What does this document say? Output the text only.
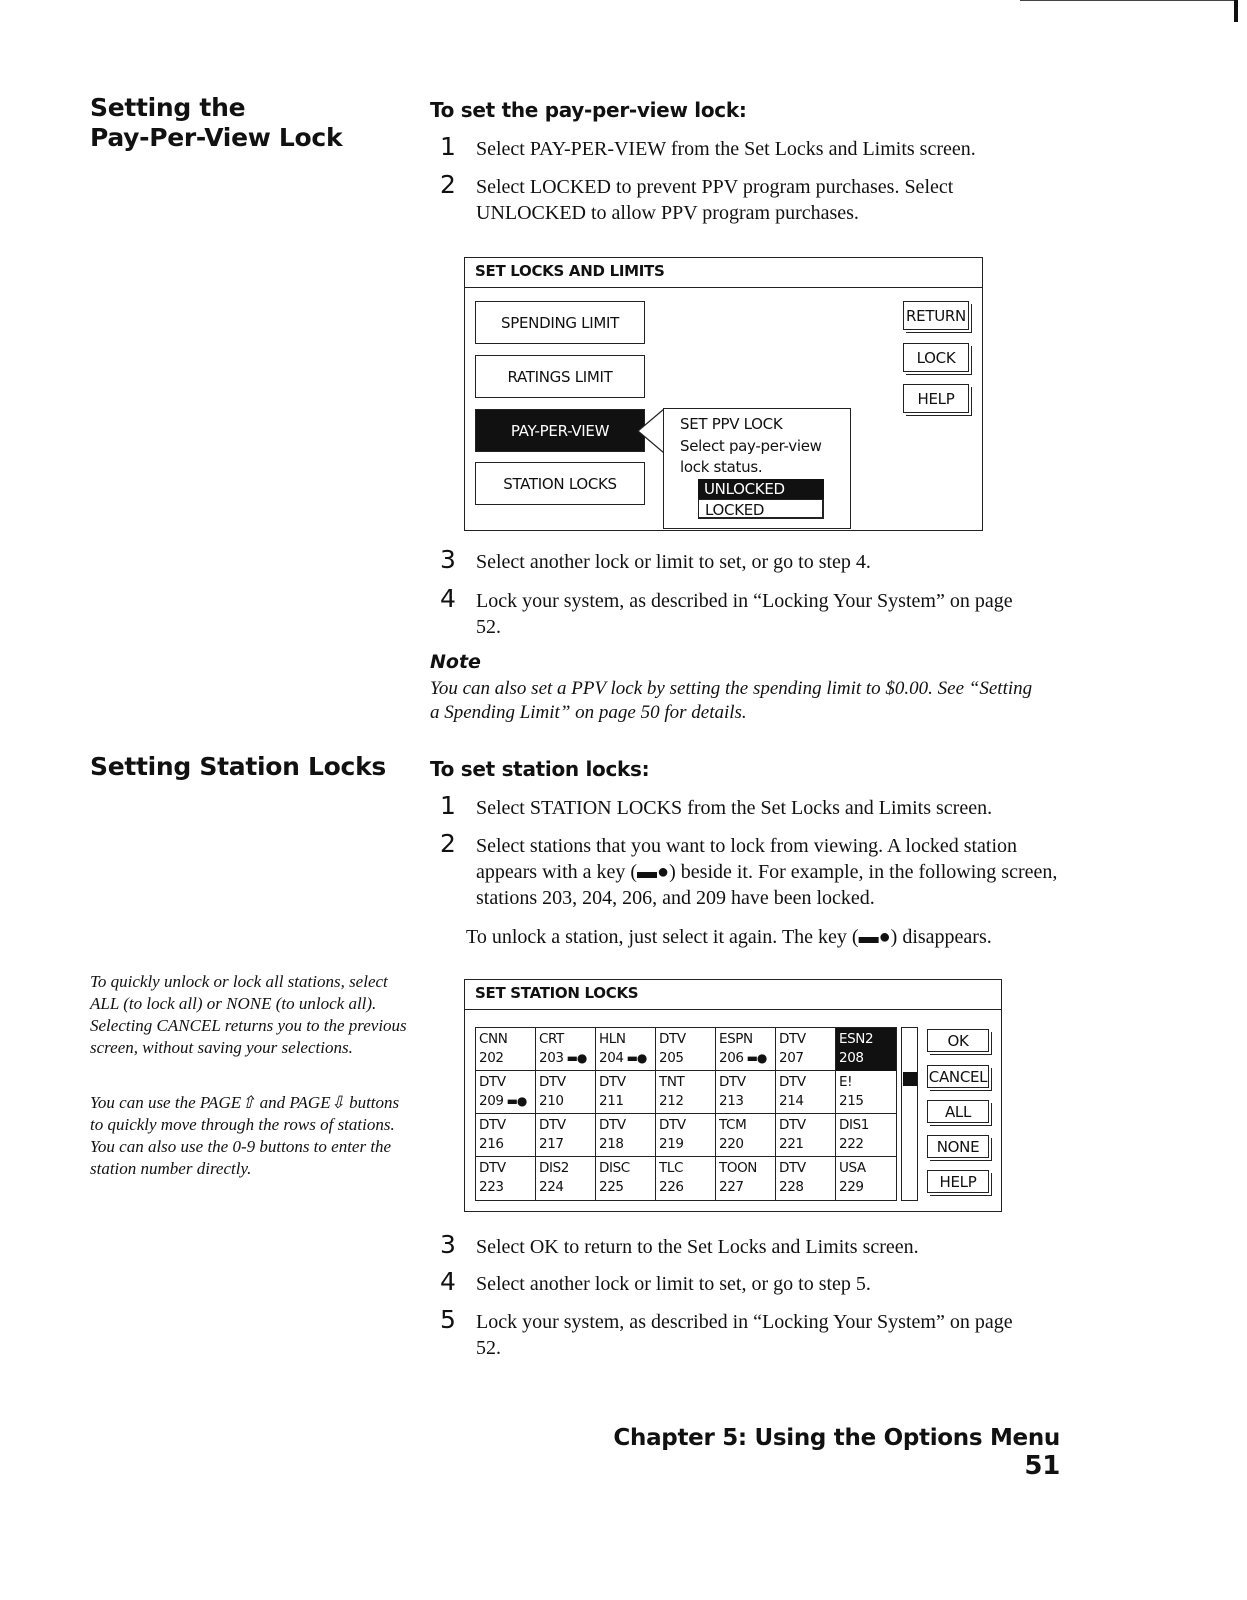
Setting the
Pay-Per-View Lock
To set the pay-per-view lock:
1 Select PAY-PER-VIEW from the Set Locks and Limits screen.
2 Select LOCKED to prevent PPV program purchases. Select UNLOCKED to allow PPV program purchases.
SET LOCKS AND LIMITS
SPENDING LIMIT
RATINGS LIMIT
PAY-PER-VIEW
STATION LOCKS
SET PPV LOCK
Select pay-per-view
lock status.
UNLOCKED
LOCKED
RETURN
LOCK
HELP
3 Select another lock or limit to set, or go to step 4.
4 Lock your system, as described in “Locking Your System” on page 52.
Note
You can also set a PPV lock by setting the spending limit to $0.00. See “Setting a Spending Limit” on page 50 for details.
Setting Station Locks To set station locks:
1 Select STATION LOCKS from the Set Locks and Limits screen.
2 Select stations that you want to lock from viewing. A locked station appears with a key (▬●) beside it. For example, in the following screen, stations 203, 204, 206, and 209 have been locked.
To unlock a station, just select it again. The key (▬●) disappears.
To quickly unlock or lock all stations, select ALL (to lock all) or NONE (to unlock all). Selecting CANCEL returns you to the previous screen, without saving your selections.
You can use the PAGE⇧ and PAGE⇩ buttons to quickly move through the rows of stations. You can also use the 0-9 buttons to enter the station number directly.
SET STATION LOCKS
CNN
202
CRT
203 ▬●
HLN
204 ▬●
DTV
205
ESPN
206 ▬●
DTV
207
ESN2
208
DTV
209 ▬●
DTV
210
DTV
211
TNT
212
DTV
213
DTV
214
E!
215
DTV
216
DTV
217
DTV
218
DTV
219
TCM
220
DTV
221
DIS1
222
DTV
223
DIS2
224
DISC
225
TLC
226
TOON
227
DTV
228
USA
229
OK
CANCEL
ALL
NONE
HELP
3 Select OK to return to the Set Locks and Limits screen.
4 Select another lock or limit to set, or go to step 5.
5 Lock your system, as described in “Locking Your System” on page 52.
Chapter 5: Using the Options Menu 51
